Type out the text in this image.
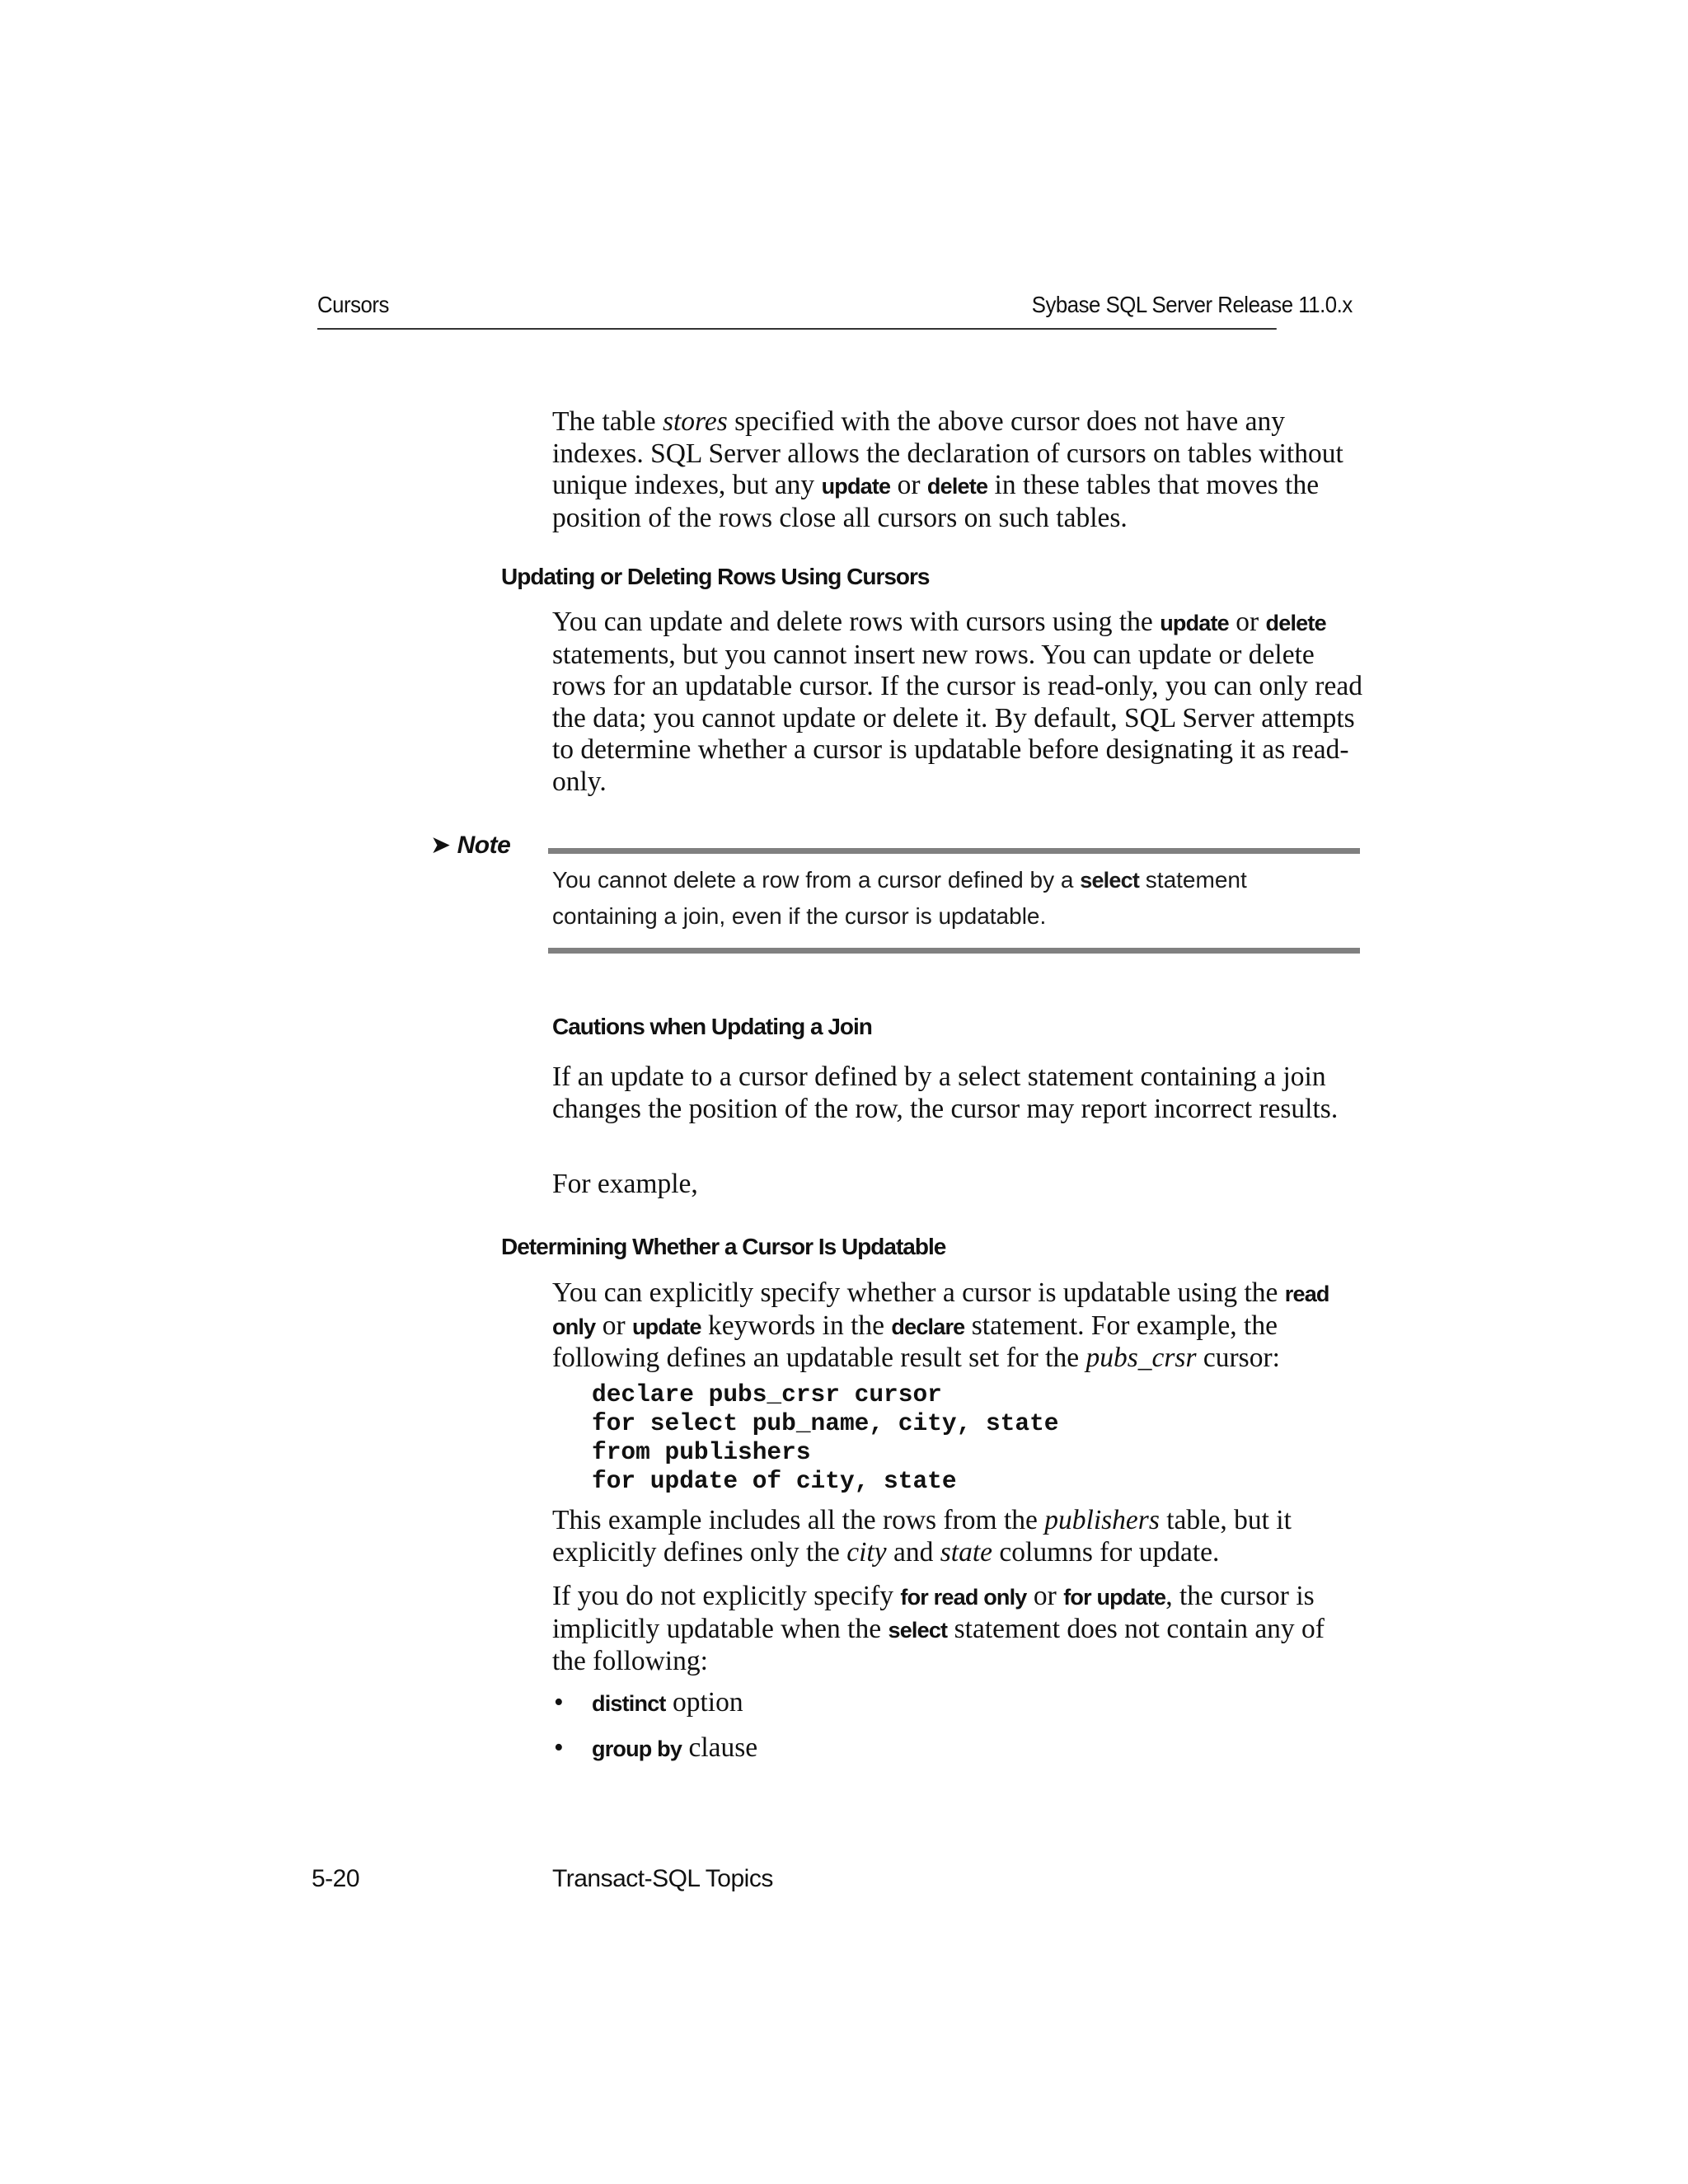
Cursors	Sybase SQL Server Release 11.0.x

The table stores specified with the above cursor does not have any indexes. SQL Server allows the declaration of cursors on tables without unique indexes, but any update or delete in these tables that moves the position of the rows close all cursors on such tables.

Updating or Deleting Rows Using Cursors

You can update and delete rows with cursors using the update or delete statements, but you cannot insert new rows. You can update or delete rows for an updatable cursor. If the cursor is read-only, you can only read the data; you cannot update or delete it. By default, SQL Server attempts to determine whether a cursor is updatable before designating it as read-only.

➤ Note

You cannot delete a row from a cursor defined by a select statement containing a join, even if the cursor is updatable.

Cautions when Updating a Join

If an update to a cursor defined by a select statement containing a join changes the position of the row, the cursor may report incorrect results.

For example,

Determining Whether a Cursor Is Updatable

You can explicitly specify whether a cursor is updatable using the read only or update keywords in the declare statement. For example, the following defines an updatable result set for the pubs_crsr cursor:

declare pubs_crsr cursor
for select pub_name, city, state
from publishers
for update of city, state

This example includes all the rows from the publishers table, but it explicitly defines only the city and state columns for update.

If you do not explicitly specify for read only or for update, the cursor is implicitly updatable when the select statement does not contain any of the following:

• distinct option
• group by clause
5-20	Transact-SQL Topics
